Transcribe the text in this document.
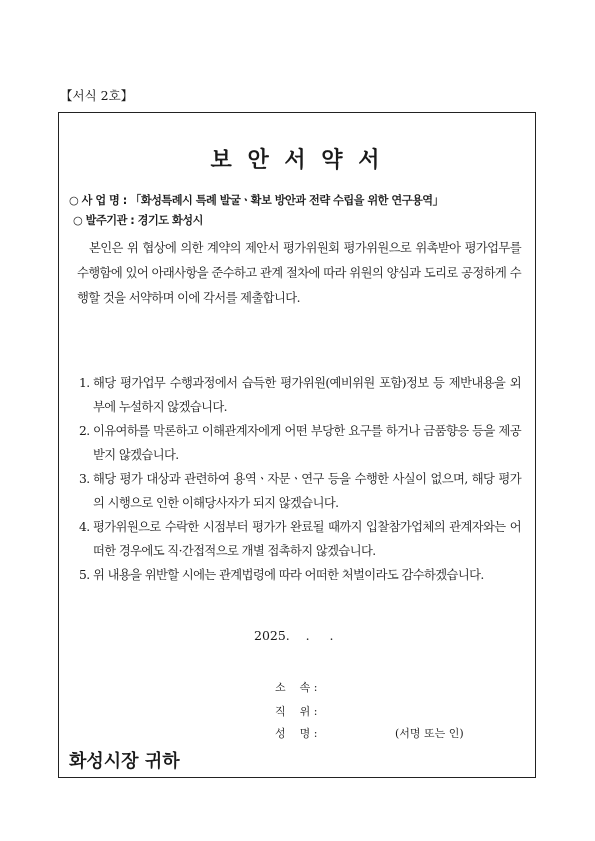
【서식 2호】
보 안 서 약 서
○ 사 업 명 : 「화성특례시 특례 발굴ㆍ확보 방안과 전략 수립을 위한 연구용역」
○ 발주기관 : 경기도 화성시

본인은 위 협상에 의한 계약의 제안서 평가위원회 평가위원으로 위촉받아 평가업무를 수행함에 있어 아래사항을 준수하고 관계 절차에 따라 위원의 양심과 도리로 공정하게 수행할 것을 서약하며 이에 각서를 제출합니다.

1. 해당 평가업무 수행과정에서 습득한 평가위원(예비위원 포함)정보 등 제반내용을 외부에 누설하지 않겠습니다.
2. 이유여하를 막론하고 이해관계자에게 어떤 부당한 요구를 하거나 금품향응 등을 제공받지 않겠습니다.
3. 해당 평가 대상과 관련하여 용역ㆍ자문ㆍ연구 등을 수행한 사실이 없으며, 해당 평가의 시행으로 인한 이해당사자가 되지 않겠습니다.
4. 평가위원으로 수락한 시점부터 평가가 완료될 때까지 입찰참가업체의 관계자와는 어떠한 경우에도 직·간접적으로 개별 접촉하지 않겠습니다.
5. 위 내용을 위반할 시에는 관계법령에 따라 어떠한 처벌이라도 감수하겠습니다.
2025.    .     .
소    속 :
직    위 :
성    명 :	(서명 또는 인)
화성시장 귀하
